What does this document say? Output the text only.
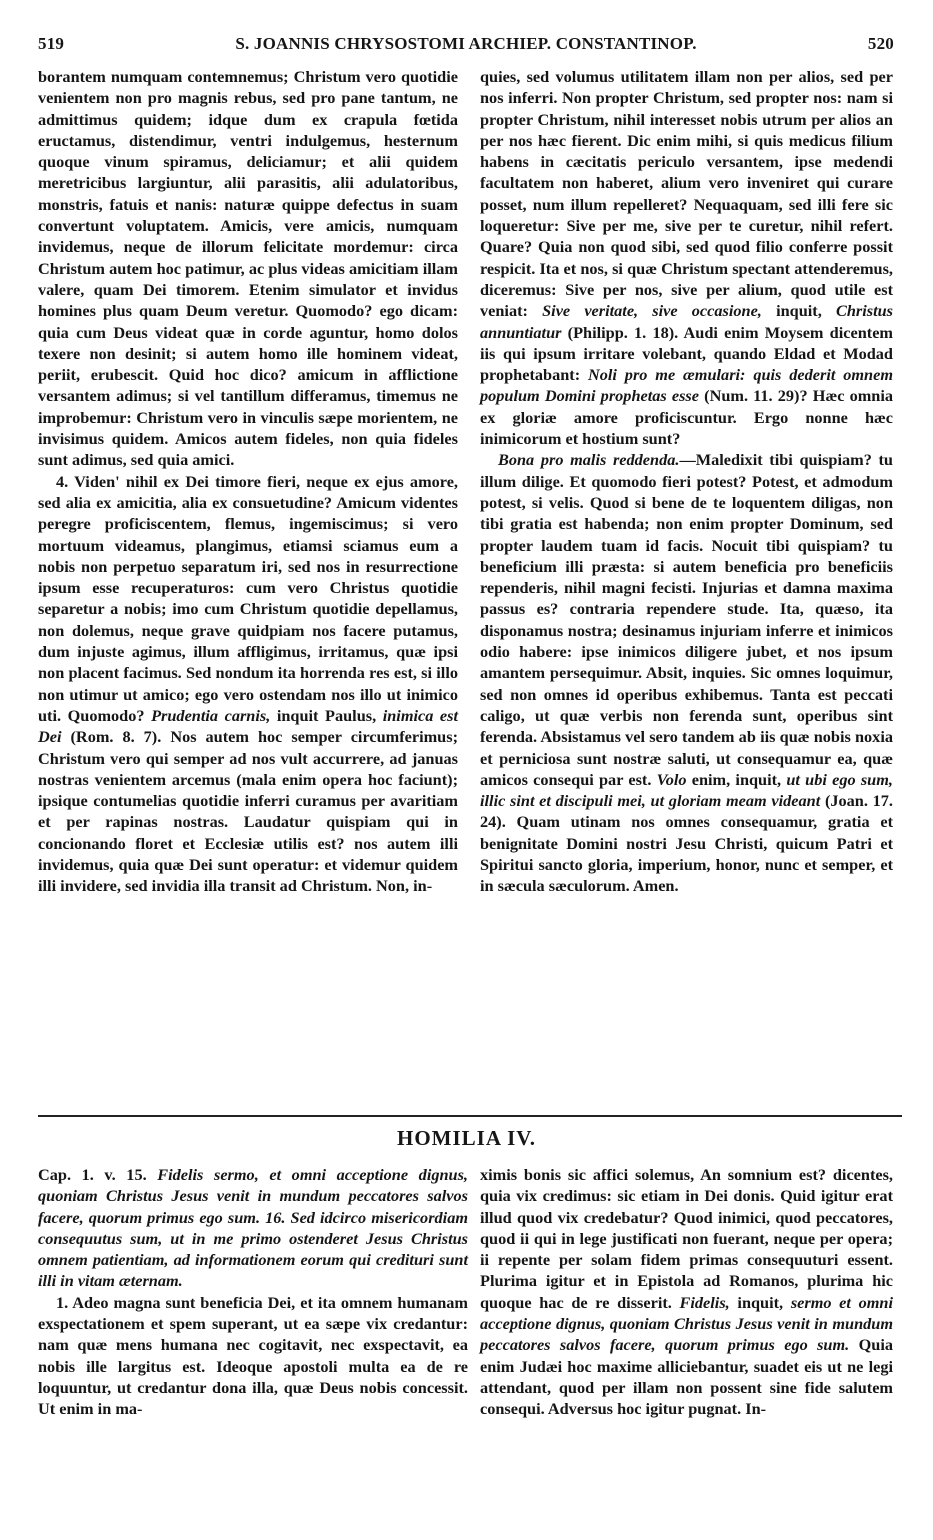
519	S. JOANNIS CHRYSOSTOMI ARCHIEP. CONSTANTINOP.	520

borantem numquam contemnemus; Christum vero quotidie venientem non pro magnis rebus, sed pro pane tantum, ne admittimus quidem; idque dum ex crapula fœtida eructamus, distendimur, ventri indulgemus, hesternum quoque vinum spiramus, deliciamur; et alii quidem meretricibus largiuntur, alii parasitis, alii adulatoribus, monstris, fatuis et nanis: naturæ quippe defectus in suam convertunt voluptatem. Amicis, vere amicis, numquam invidemus, neque de illorum felicitate mordemur: circa Christum autem hoc patimur, ac plus videas amicitiam illam valere, quam Dei timorem. Etenim simulator et invidus homines plus quam Deum veretur. Quomodo? ego dicam: quia cum Deus videat quæ in corde aguntur, homo dolos texere non desinit; si autem homo ille hominem videat, periit, erubescit. Quid hoc dico? amicum in afflictione versantem adimus; si vel tantillum differamus, timemus ne improbemur: Christum vero in vinculis sæpe morientem, ne invisimus quidem. Amicos autem fideles, non quia fideles sunt adimus, sed quia amici.

4. Viden' nihil ex Dei timore fieri, neque ex ejus amore, sed alia ex amicitia, alia ex consuetudine? Amicum videntes peregre proficiscentem, flemus, ingemiscimus; si vero mortuum videamus, plangimus, etiamsi sciamus eum a nobis non perpetuo separatum iri, sed nos in resurrectione ipsum esse recuperaturos: cum vero Christus quotidie separetur a nobis; imo cum Christum quotidie depellamus, non dolemus, neque grave quidpiam nos facere putamus, dum injuste agimus, illum affligimus, irritamus, quæ ipsi non placent facimus. Sed nondum ita horrenda res est, si illo non utimur ut amico; ego vero ostendam nos illo ut inimico uti. Quomodo? Prudentia carnis, inquit Paulus, inimica est Dei (Rom. 8. 7). Nos autem hoc semper circumferimus; Christum vero qui semper ad nos vult accurrere, ad januas nostras venientem arcemus (mala enim opera hoc faciunt); ipsique contumelias quotidie inferri curamus per avaritiam et per rapinas nostras. Laudatur quispiam qui in concionando floret et Ecclesiæ utilis est? nos autem illi invidemus, quia quæ Dei sunt operatur: et videmur quidem illi invidere, sed invidia illa transit ad Christum. Non, in-

quies, sed volumus utilitatem illam non per alios, sed per nos inferri. Non propter Christum, sed propter nos: nam si propter Christum, nihil interesset nobis utrum per alios an per nos hæc fierent. Dic enim mihi, si quis medicus filium habens in cæcitatis periculo versantem, ipse medendi facultatem non haberet, alium vero inveniret qui curare posset, num illum repelleret? Nequaquam, sed illi fere sic loqueretur: Sive per me, sive per te curetur, nihil refert. Quare? Quia non quod sibi, sed quod filio conferre possit respicit. Ita et nos, si quæ Christum spectant attenderemus, diceremus: Sive per nos, sive per alium, quod utile est veniat: Sive veritate, sive occasione, inquit, Christus annuntiatur (Philipp. 1. 18). Audi enim Moysem dicentem iis qui ipsum irritare volebant, quando Eldad et Modad prophetabant: Noli pro me æmulari: quis dederit omnem populum Domini prophetas esse (Num. 11. 29)? Hæc omnia ex gloriæ amore proficiscuntur. Ergo nonne hæc inimicorum et hostium sunt?

Bona pro malis reddenda.—Maledixit tibi quispiam? tu illum dilige. Et quomodo fieri potest? Potest, et admodum potest, si velis. Quod si bene de te loquentem diligas, non tibi gratia est habenda; non enim propter Dominum, sed propter laudem tuam id facis. Nocuit tibi quispiam? tu beneficium illi præsta: si autem beneficia pro beneficiis rependeris, nihil magni fecisti. Injurias et damna maxima passus es? contraria rependere stude. Ita, quæso, ita disponamus nostra; desinamus injuriam inferre et inimicos odio habere: ipse inimicos diligere jubet, et nos ipsum amantem persequimur. Absit, inquies. Sic omnes loquimur, sed non omnes id operibus exhibemus. Tanta est peccati caligo, ut quæ verbis non ferenda sunt, operibus sint ferenda. Absistamus vel sero tandem ab iis quæ nobis noxia et perniciosa sunt nostræ saluti, ut consequamur ea, quæ amicos consequi par est. Volo enim, inquit, ut ubi ego sum, illic sint et discipuli mei, ut gloriam meam videant (Joan. 17. 24). Quam utinam nos omnes consequamur, gratia et benignitate Domini nostri Jesu Christi, quicum Patri et Spiritui sancto gloria, imperium, honor, nunc et semper, et in sæcula sæculorum. Amen.

HOMILIA IV.

Cap. 1. v. 15. Fidelis sermo, et omni acceptione dignus, quoniam Christus Jesus venit in mundum peccatores salvos facere, quorum primus ego sum. 16. Sed idcirco misericordiam consequutus sum, ut in me primo ostenderet Jesus Christus omnem patientiam, ad informationem eorum qui credituri sunt illi in vitam æternam.

1. Adeo magna sunt beneficia Dei, et ita omnem humanam exspectationem et spem superant, ut ea sæpe vix credantur: nam quæ mens humana nec cogitavit, nec exspectavit, ea nobis ille largitus est. Ideoque apostoli multa ea de re loquuntur, ut credantur dona illa, quæ Deus nobis concessit. Ut enim in ma-

ximis bonis sic affici solemus, An somnium est? dicentes, quia vix credimus: sic etiam in Dei donis. Quid igitur erat illud quod vix credebatur? Quod inimici, quod peccatores, quod ii qui in lege justificati non fuerant, neque per opera; ii repente per solam fidem primas consequuturi essent. Plurima igitur et in Epistola ad Romanos, plurima hic quoque hac de re disserit. Fidelis, inquit, sermo et omni acceptione dignus, quoniam Christus Jesus venit in mundum peccatores salvos facere, quorum primus ego sum. Quia enim Judæi hoc maxime alliciebantur, suadet eis ut ne legi attendant, quod per illam non possent sine fide salutem consequi. Adversus hoc igitur pugnat. In-
